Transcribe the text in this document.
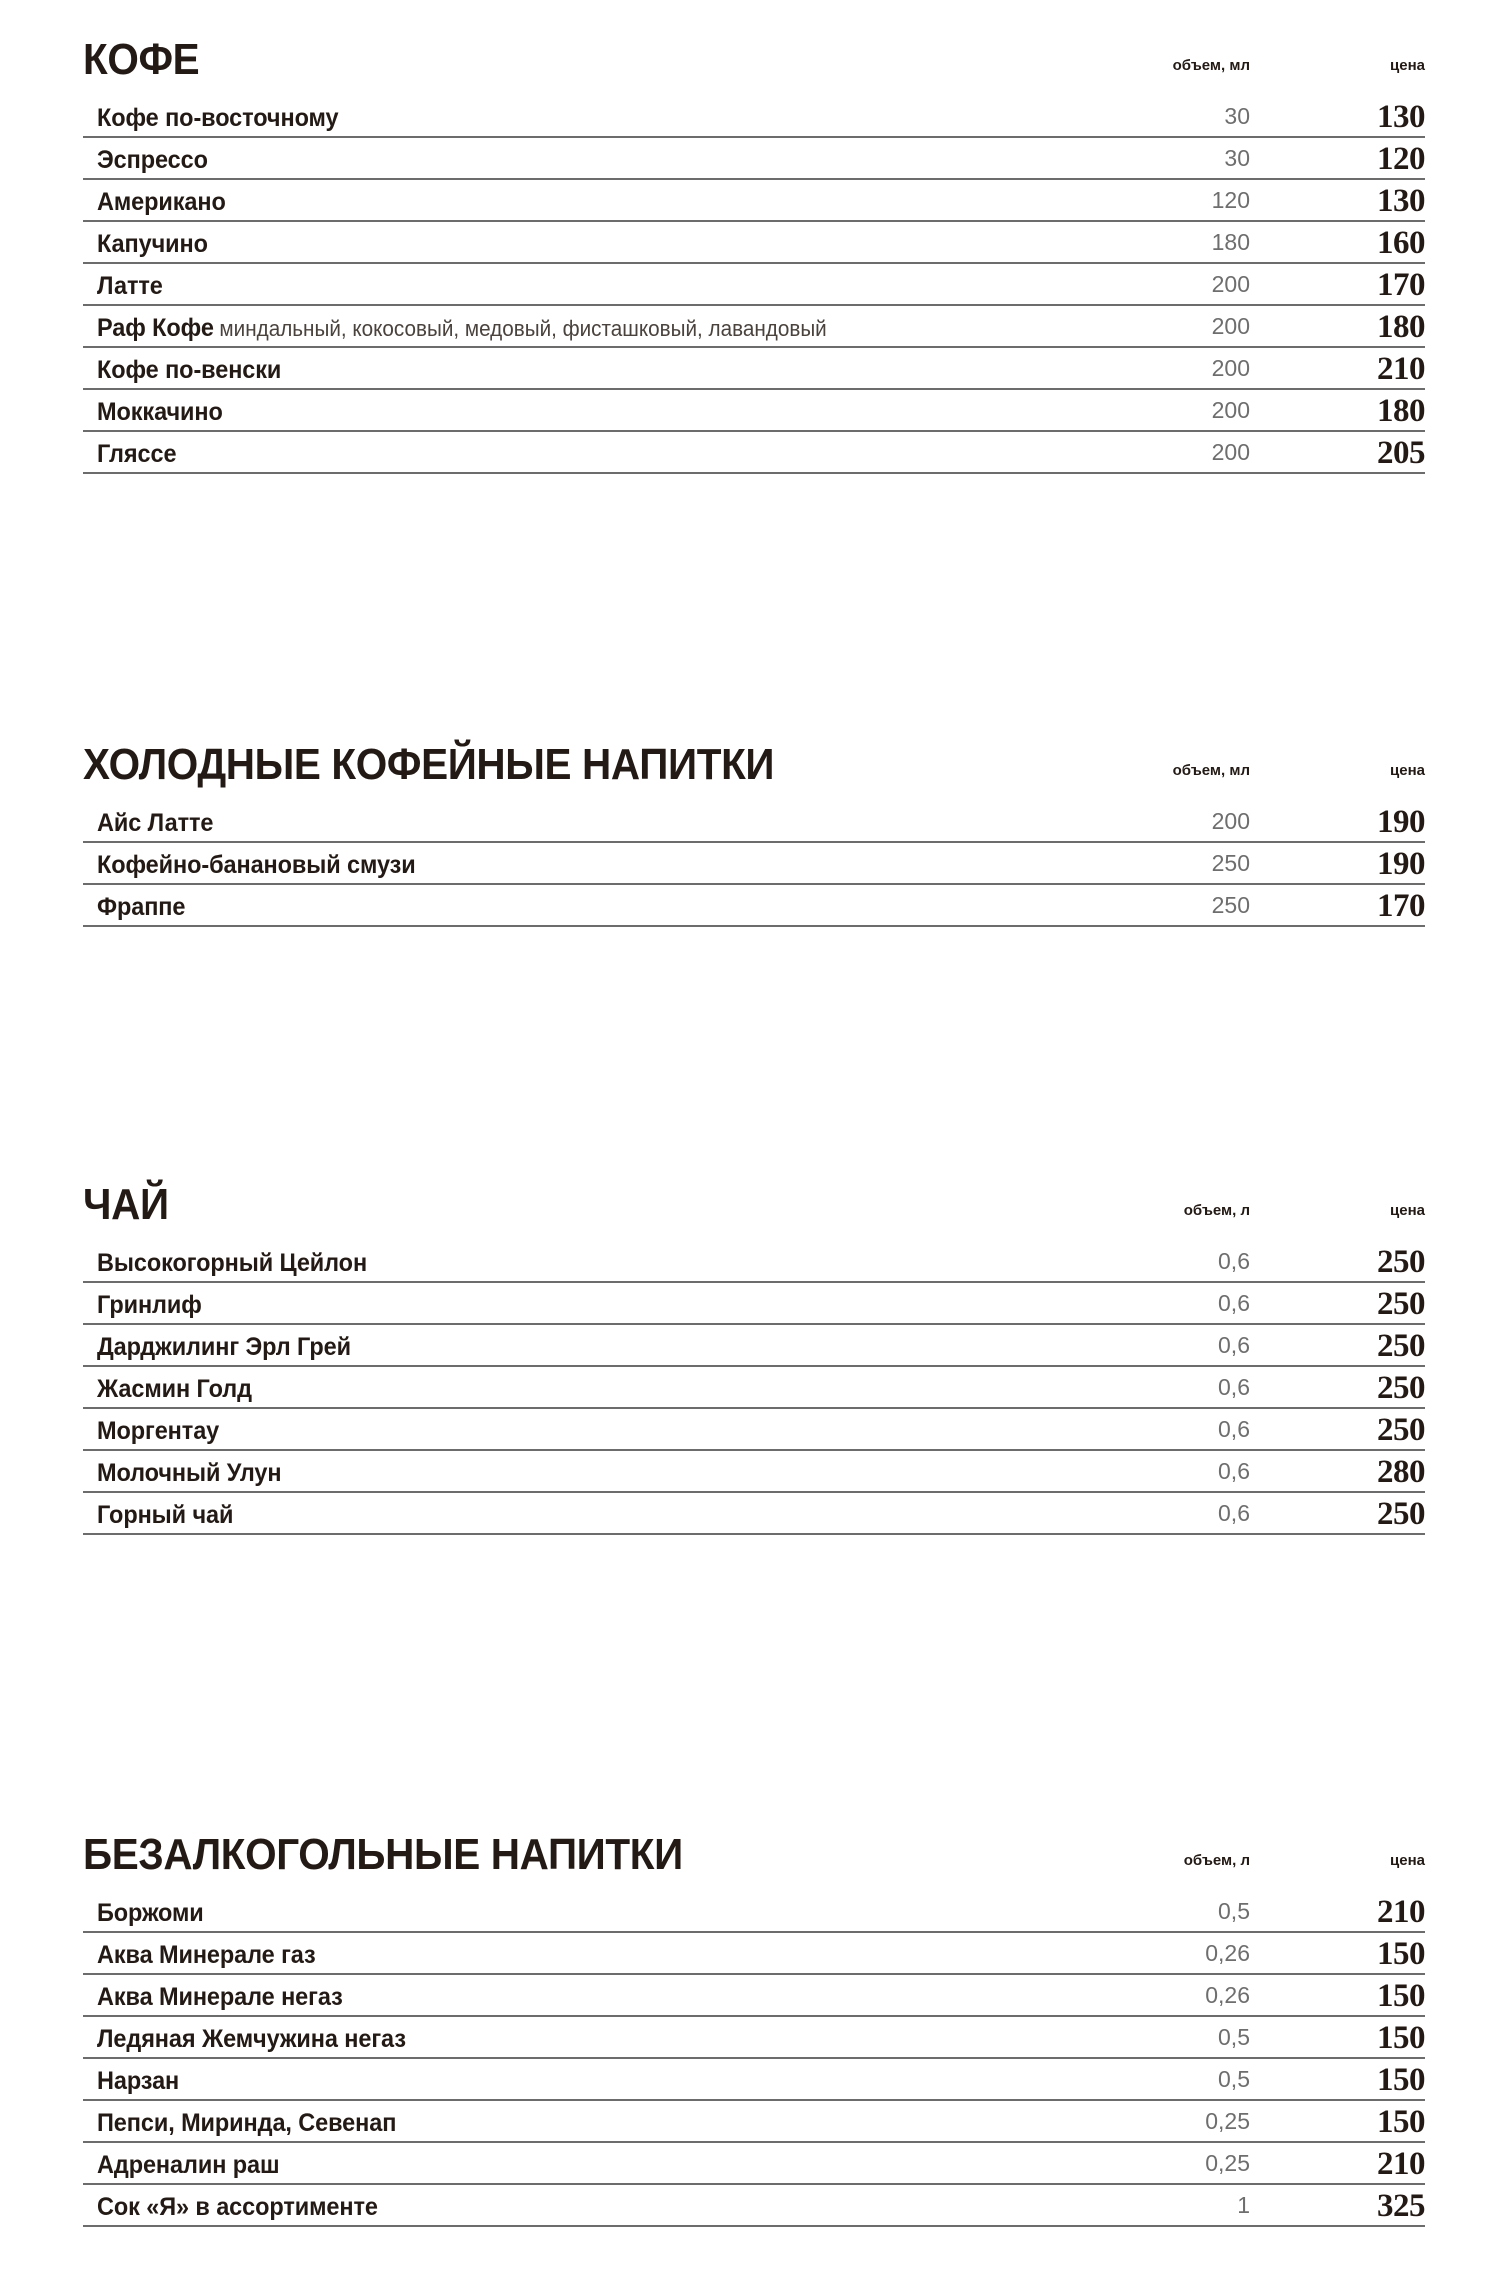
КОФЕ	объем, мл	цена
Кофе по-восточному	30	130
Эспрессо	30	120
Американо	120	130
Капучино	180	160
Латте	200	170
Раф Кофе миндальный, кокосовый, медовый, фисташковый, лавандовый	200	180
Кофе по-венски	200	210
Моккачино	200	180
Гляссе	200	205
ХОЛОДНЫЕ КОФЕЙНЫЕ НАПИТКИ	объем, мл	цена
Айс Латте	200	190
Кофейно-банановый смузи	250	190
Фраппе	250	170
ЧАЙ	объем, л	цена
Высокогорный Цейлон	0,6	250
Гринлиф	0,6	250
Дарджилинг Эрл Грей	0,6	250
Жасмин Голд	0,6	250
Моргентау	0,6	250
Молочный Улун	0,6	280
Горный чай	0,6	250
БЕЗАЛКОГОЛЬНЫЕ НАПИТКИ	объем, л	цена
Боржоми	0,5	210
Аква Минерале газ	0,26	150
Аква Минерале негаз	0,26	150
Ледяная Жемчужина негаз	0,5	150
Нарзан	0,5	150
Пепси, Миринда, Севенап	0,25	150
Адреналин раш	0,25	210
Сок «Я» в ассортименте	1	325
